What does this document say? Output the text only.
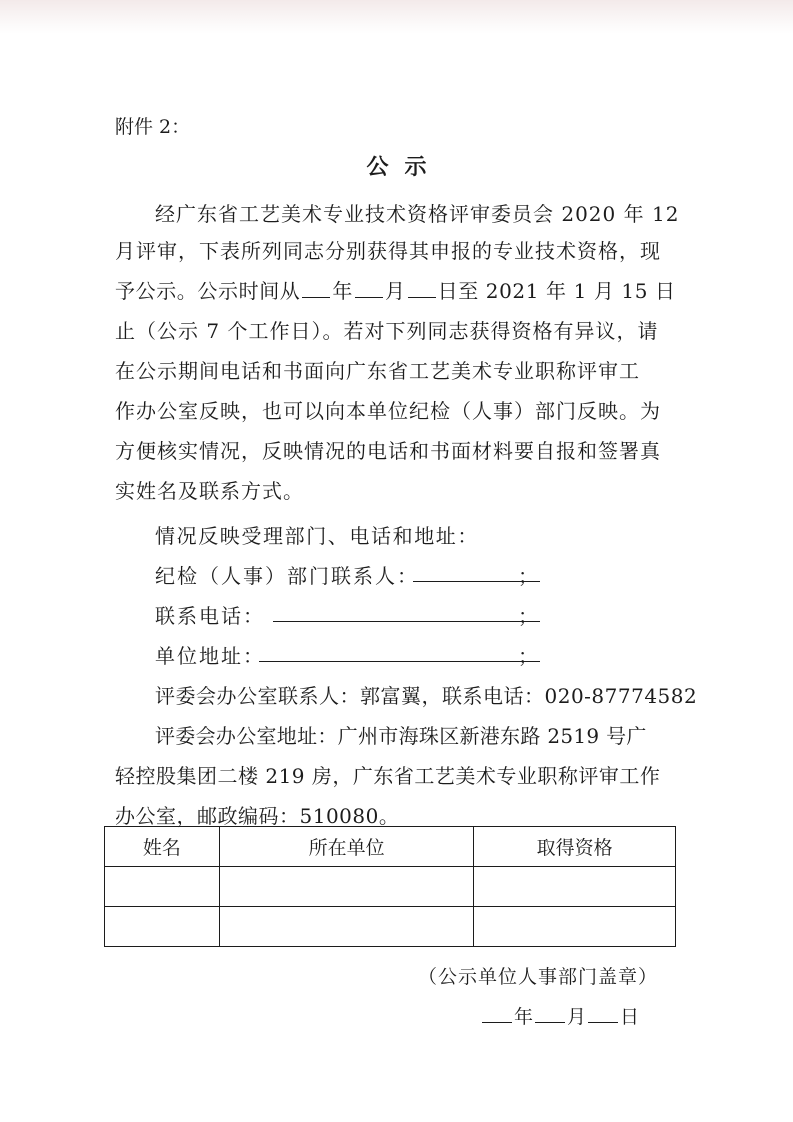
附件 2：
公示
经广东省工艺美术专业技术资格评审委员会 2020 年 12
月评审，下表所列同志分别获得其申报的专业技术资格，现
予公示。公示时间从 年 月 日至 2021 年 1 月 15 日
止（公示 7 个工作日）。若对下列同志获得资格有异议，请
在公示期间电话和书面向广东省工艺美术专业职称评审工
作办公室反映，也可以向本单位纪检（人事）部门反映。为
方便核实情况，反映情况的电话和书面材料要自报和签署真
实姓名及联系方式。
情况反映受理部门、电话和地址：
纪检（人事）部门联系人：	；
联系电话：	；
单位地址：	；
评委会办公室联系人：郭富翼，联系电话：020-87774582
评委会办公室地址：广州市海珠区新港东路 2519 号广
轻控股集团二楼 219 房，广东省工艺美术专业职称评审工作
办公室，邮政编码：510080。
姓名	所在单位	取得资格

（公示单位人事部门盖章）
年 月 日
